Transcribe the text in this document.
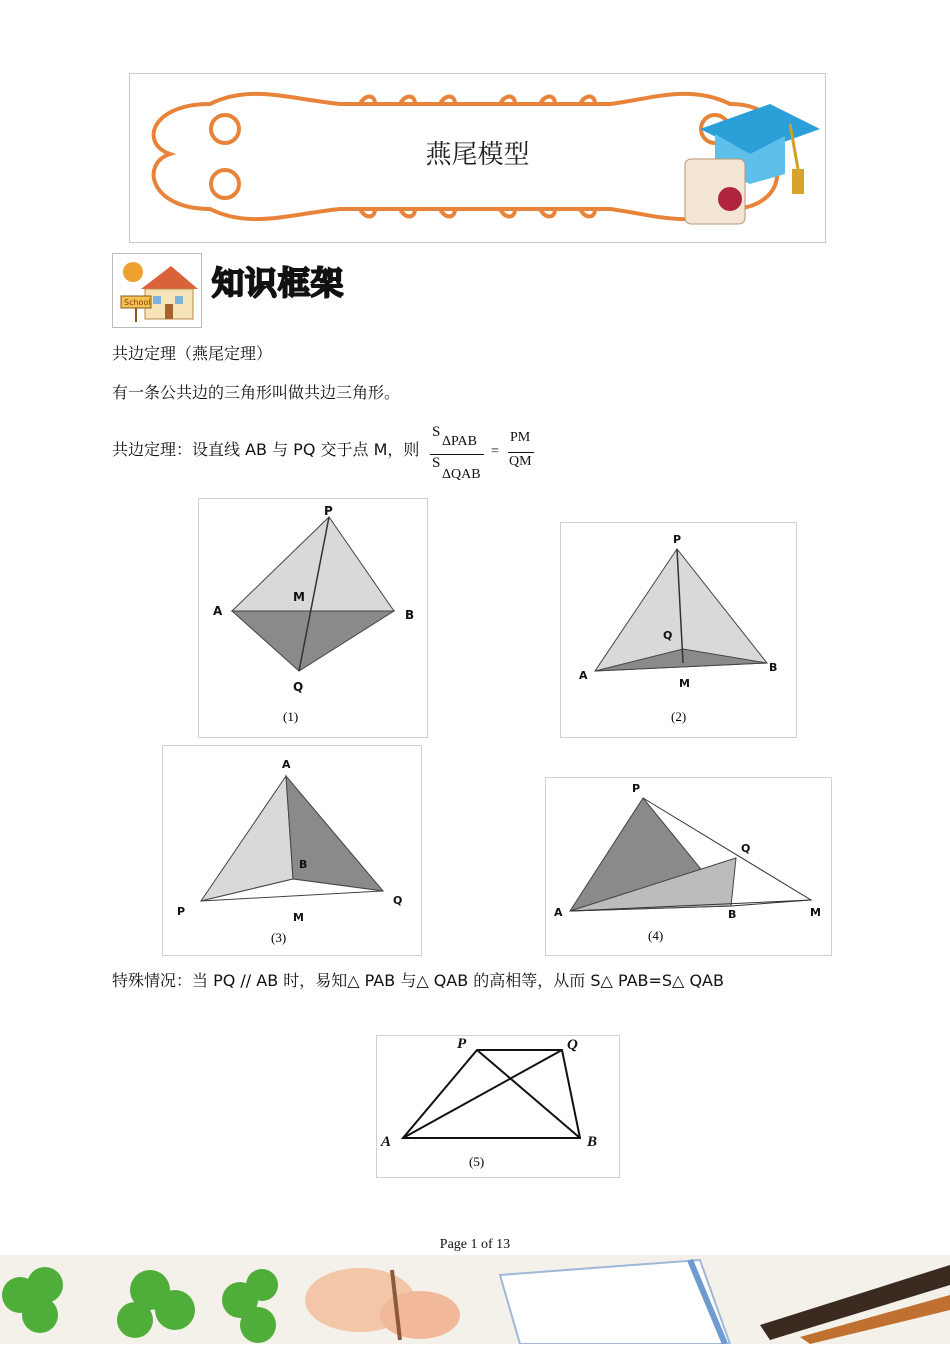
燕尾模型
School
知识框架
共边定理（燕尾定理）
有一条公共边的三角形叫做共边三角形。
共边定理：设直线 AB 与 PQ 交于点 M，则
S
ΔPAB
S
ΔQAB
=
PM
QM
P
A	B
M
Q
(1)
P
Q
A
B
M
(2)
A
B
P
Q
M
(3)
P
Q
A	B	M
(4)
特殊情况：当 PQ // AB 时，易知△ PAB 与△ QAB 的高相等，从而 S△ PAB=S△ QAB
P	Q
A	B
(5)
Page 1 of 13
